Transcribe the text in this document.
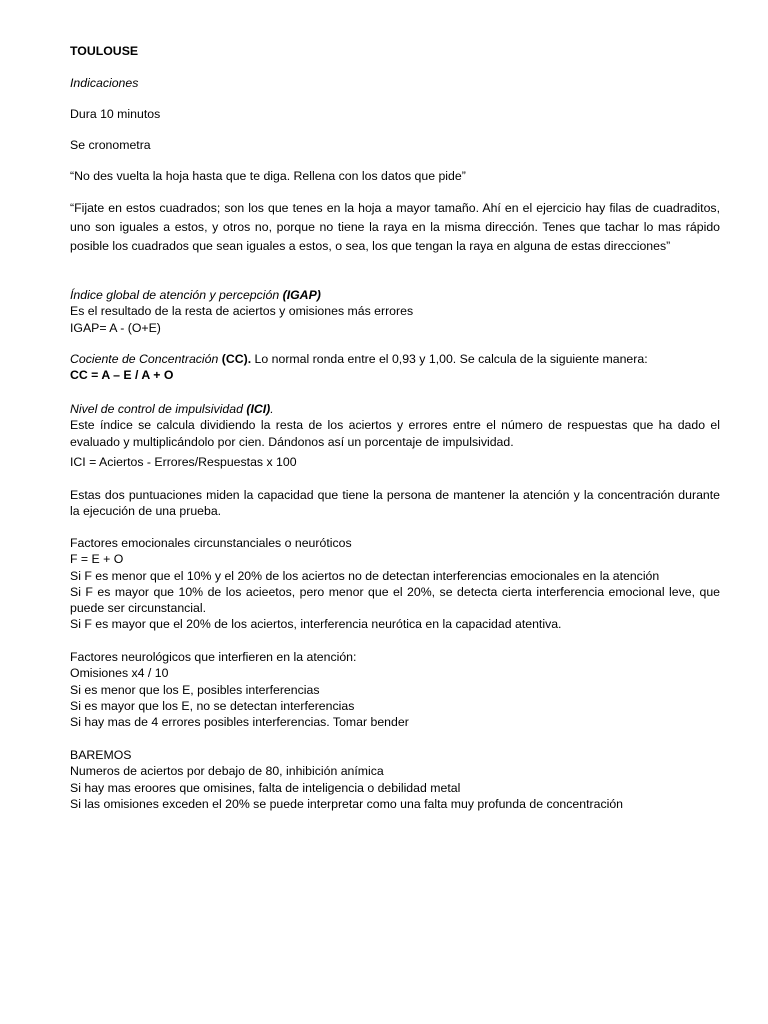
TOULOUSE

Indicaciones

Dura 10 minutos

Se cronometra

“No des vuelta la hoja hasta que te diga. Rellena con los datos que pide”

“Fijate en estos cuadrados; son los que tenes en la hoja a mayor tamaño. Ahí en el ejercicio hay filas de cuadraditos, uno son iguales a estos, y otros no, porque no tiene la raya en la misma dirección. Tenes que tachar lo mas rápido posible los cuadrados que sean iguales a estos, o sea, los que tengan la raya en alguna de estas direcciones”

Índice global de atención y percepción (IGAP)
Es el resultado de la resta de aciertos y omisiones más errores
IGAP= A - (O+E)
Cociente de Concentración (CC). Lo normal ronda entre el 0,93 y 1,00. Se calcula de la siguiente manera:
CC = A – E / A + O
Nivel de control de impulsividad (ICI).
Este índice se calcula dividiendo la resta de los aciertos y errores entre el número de respuestas que ha dado el evaluado y multiplicándolo por cien. Dándonos así un porcentaje de impulsividad.
ICI = Aciertos - Errores/Respuestas x 100

Estas dos puntuaciones miden la capacidad que tiene la persona de mantener la atención y la concentración durante la ejecución de una prueba.

Factores emocionales circunstanciales o neuróticos
F = E + O
Si F es menor que el 10% y el 20% de los aciertos no de detectan interferencias emocionales en la atención
Si F es mayor que 10% de los acieetos, pero menor que el 20%, se detecta cierta interferencia emocional leve, que puede ser circunstancial.
Si F es mayor que el 20% de los aciertos, interferencia neurótica en la capacidad atentiva.
Factores neurológicos que interfieren en la atención:
Omisiones x4 / 10
Si es menor que los E, posibles interferencias
Si es mayor que los E, no se detectan interferencias
Si hay mas de 4 errores posibles interferencias. Tomar bender
BAREMOS
Numeros de aciertos por debajo de 80, inhibición anímica
Si hay mas eroores que omisines, falta de inteligencia o debilidad metal
Si las omisiones exceden el 20% se puede interpretar como una falta muy profunda de concentración
